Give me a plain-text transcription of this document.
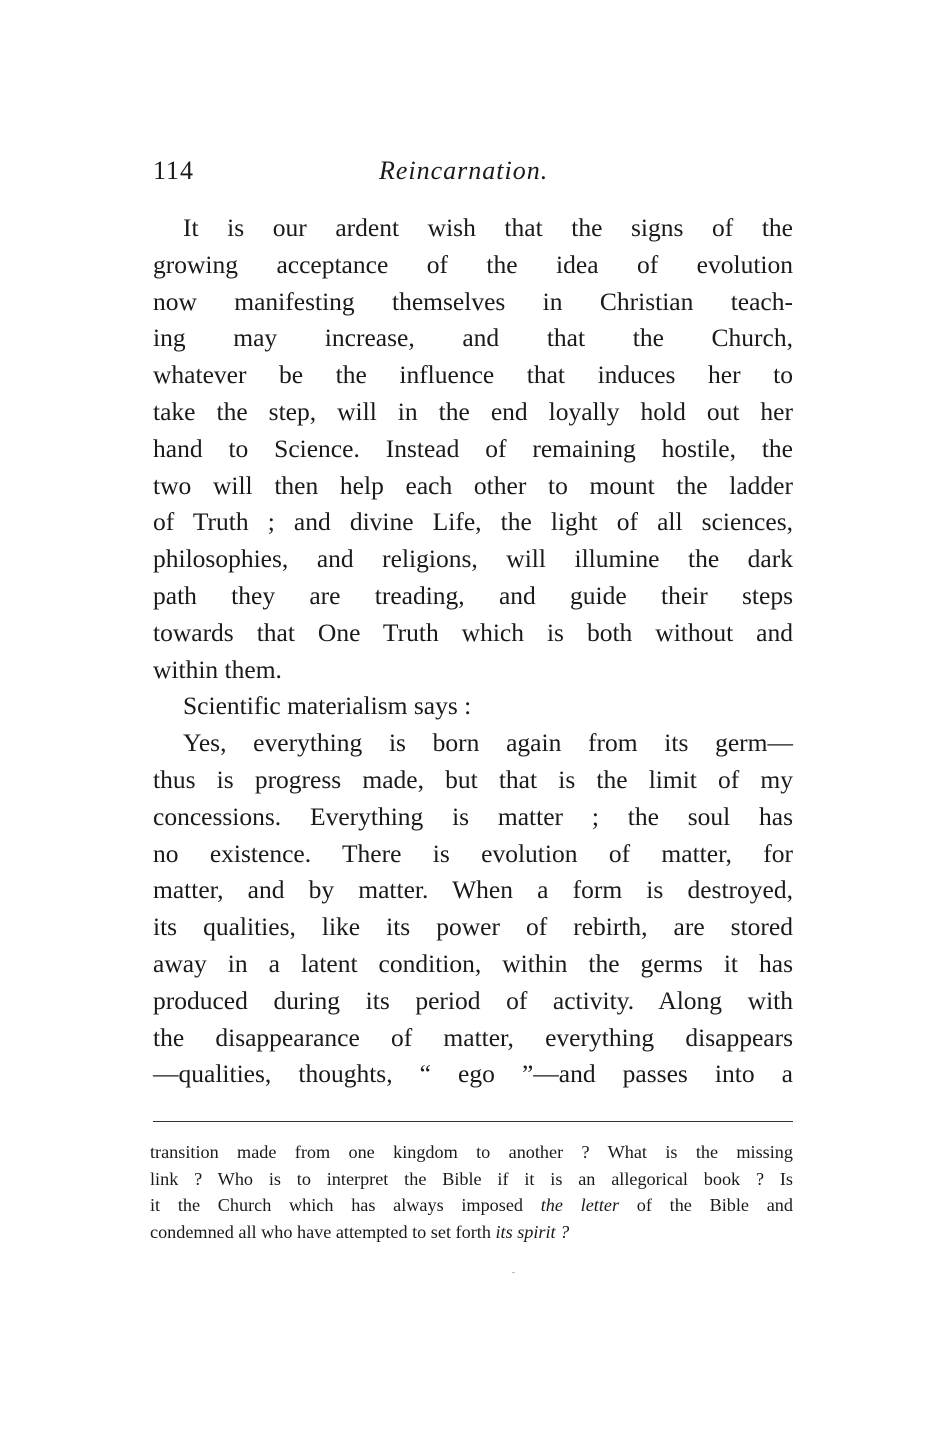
114	Reincarnation.
It is our ardent wish that the signs of the
growing acceptance of the idea of evolution
now manifesting themselves in Christian teach-
ing may increase, and that the Church,
whatever be the influence that induces her to
take the step, will in the end loyally hold out her
hand to Science. Instead of remaining hostile, the
two will then help each other to mount the ladder
of Truth ; and divine Life, the light of all sciences,
philosophies, and religions, will illumine the dark
path they are treading, and guide their steps
towards that One Truth which is both without and
within them.
Scientific materialism says :
Yes, everything is born again from its germ—
thus is progress made, but that is the limit of my
concessions. Everything is matter ; the soul has
no existence. There is evolution of matter, for
matter, and by matter. When a form is destroyed,
its qualities, like its power of rebirth, are stored
away in a latent condition, within the germs it has
produced during its period of activity. Along with
the disappearance of matter, everything disappears
—qualities, thoughts, “ ego ”—and passes into a
transition made from one kingdom to another ? What is the missing
link ? Who is to interpret the Bible if it is an allegorical book ? Is
it the Church which has always imposed the letter of the Bible and
condemned all who have attempted to set forth its spirit ?
